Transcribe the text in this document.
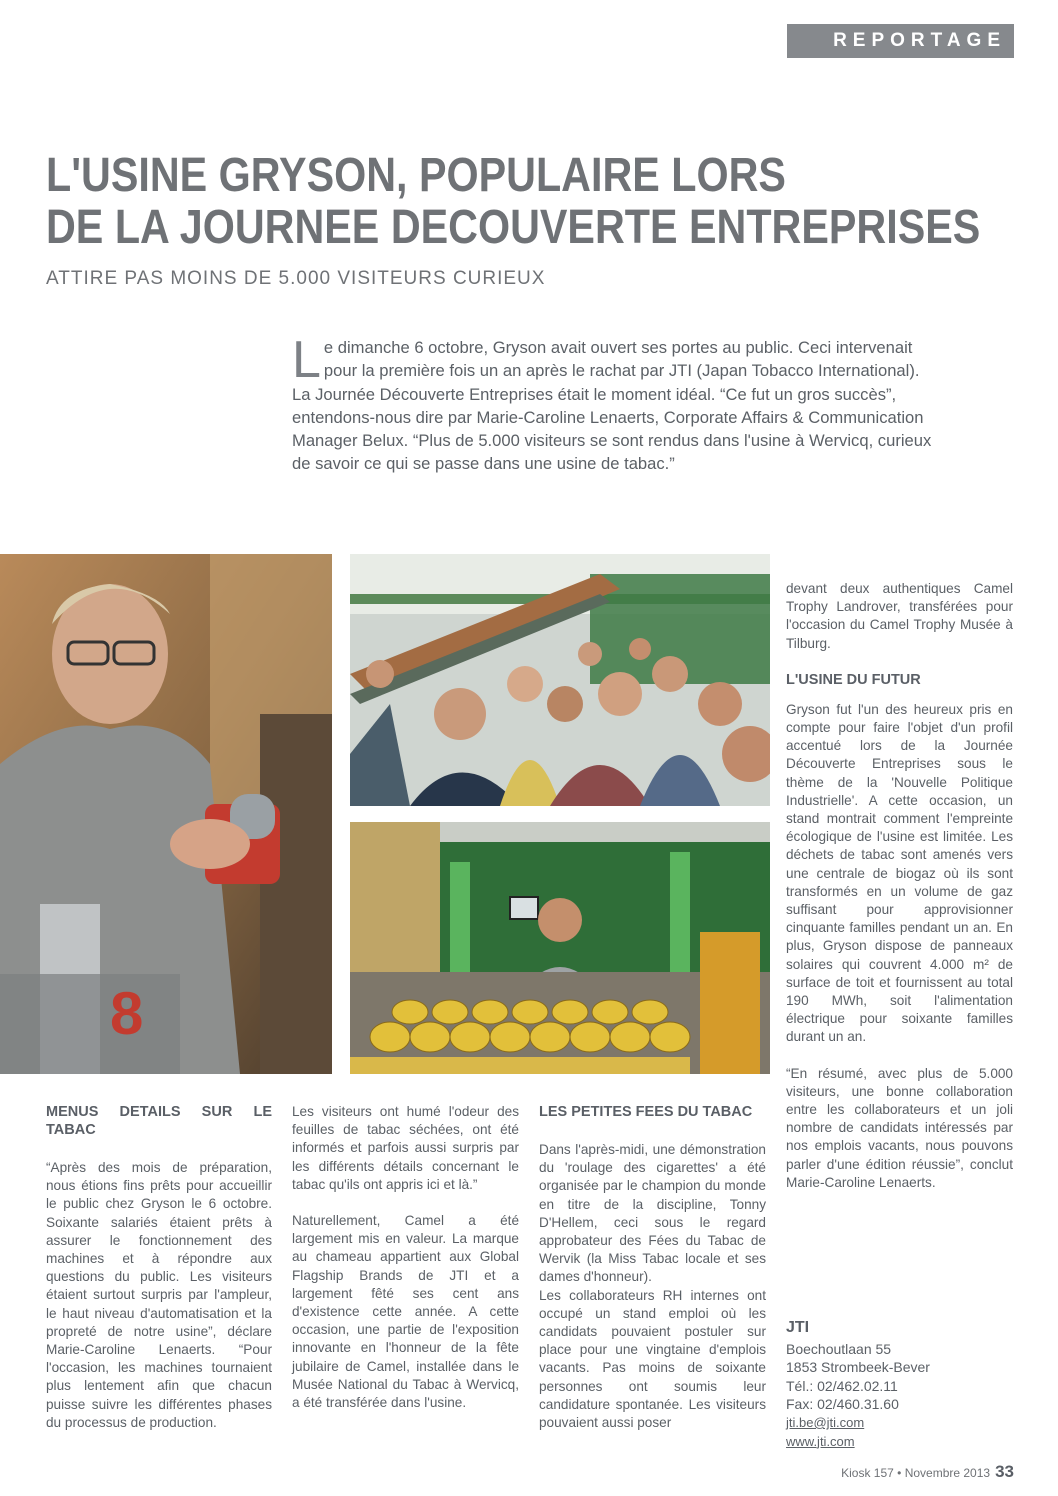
REPORTAGE
L'USINE GRYSON, POPULAIRE LORS
DE LA JOURNEE DECOUVERTE ENTREPRISES
ATTIRE PAS MOINS DE 5.000 VISITEURS CURIEUX
Le dimanche 6 octobre, Gryson avait ouvert ses portes au public. Ceci intervenait pour la première fois un an après le rachat par JTI (Japan Tobacco International). La Journée Découverte Entreprises était le moment idéal. “Ce fut un gros succès”, entendons-nous dire par Marie-Caroline Lenaerts, Corporate Affairs & Communication Manager Belux. “Plus de 5.000 visiteurs se sont rendus dans l'usine à Wervicq, curieux de savoir ce qui se passe dans une usine de tabac.”
8
MENUS DETAILS SUR LE TABAC

“Après des mois de préparation, nous étions fins prêts pour accueillir le public chez Gryson le 6 octobre. Soixante salariés étaient prêts à assurer le fonctionnement des machines et à répondre aux questions du public. Les visiteurs étaient surtout surpris par l'ampleur, le haut niveau d'automatisation et la propreté de notre usine”, déclare Marie-Caroline Lenaerts. “Pour l'occasion, les machines tournaient plus lentement afin que chacun puisse suivre les différentes phases du processus de production.

Les visiteurs ont humé l'odeur des feuilles de tabac séchées, ont été informés et parfois aussi surpris par les différents détails concernant le tabac qu'ils ont appris ici et là.”

Naturellement, Camel a été largement mis en valeur. La marque au chameau appartient aux Global Flagship Brands de JTI et a largement fêté ses cent ans d'existence cette année. A cette occasion, une partie de l'exposition innovante en l'honneur de la fête jubilaire de Camel, installée dans le Musée National du Tabac à Wervicq, a été transférée dans l'usine.

LES PETITES FEES DU TABAC

Dans l'après-midi, une démonstration du 'roulage des cigarettes' a été organisée par le champion du monde en titre de la discipline, Tonny D'Hellem, ceci sous le regard approbateur des Fées du Tabac de Wervik (la Miss Tabac locale et ses dames d'honneur).

Les collaborateurs RH internes ont occupé un stand emploi où les candidats pouvaient postuler sur place pour une vingtaine d'emplois vacants. Pas moins de soixante personnes ont soumis leur candidature spontanée. Les visiteurs pouvaient aussi poser

devant deux authentiques Camel Trophy Landrover, transférées pour l'occasion du Camel Trophy Musée à Tilburg.

L'USINE DU FUTUR

Gryson fut l'un des heureux pris en compte pour faire l'objet d'un profil accentué lors de la Journée Découverte Entreprises sous le thème de la 'Nouvelle Politique Industrielle'. A cette occasion, un stand montrait comment l'empreinte écologique de l'usine est limitée. Les déchets de tabac sont amenés vers une centrale de biogaz où ils sont transformés en un volume de gaz suffisant pour approvisionner cinquante familles pendant un an. En plus, Gryson dispose de panneaux solaires qui couvrent 4.000 m² de surface de toit et fournissent au total 190 MWh, soit l'alimentation électrique pour soixante familles durant un an.

“En résumé, avec plus de 5.000 visiteurs, une bonne collaboration entre les collaborateurs et un joli nombre de candidats intéressés par nos emplois vacants, nous pouvons parler d'une édition réussie”, conclut Marie-Caroline Lenaerts.

JTI
Boechoutlaan 55
1853 Strombeek-Bever
Tél.: 02/462.02.11
Fax: 02/460.31.60
jti.be@jti.com
www.jti.com
Kiosk 157 • Novembre 2013 33
